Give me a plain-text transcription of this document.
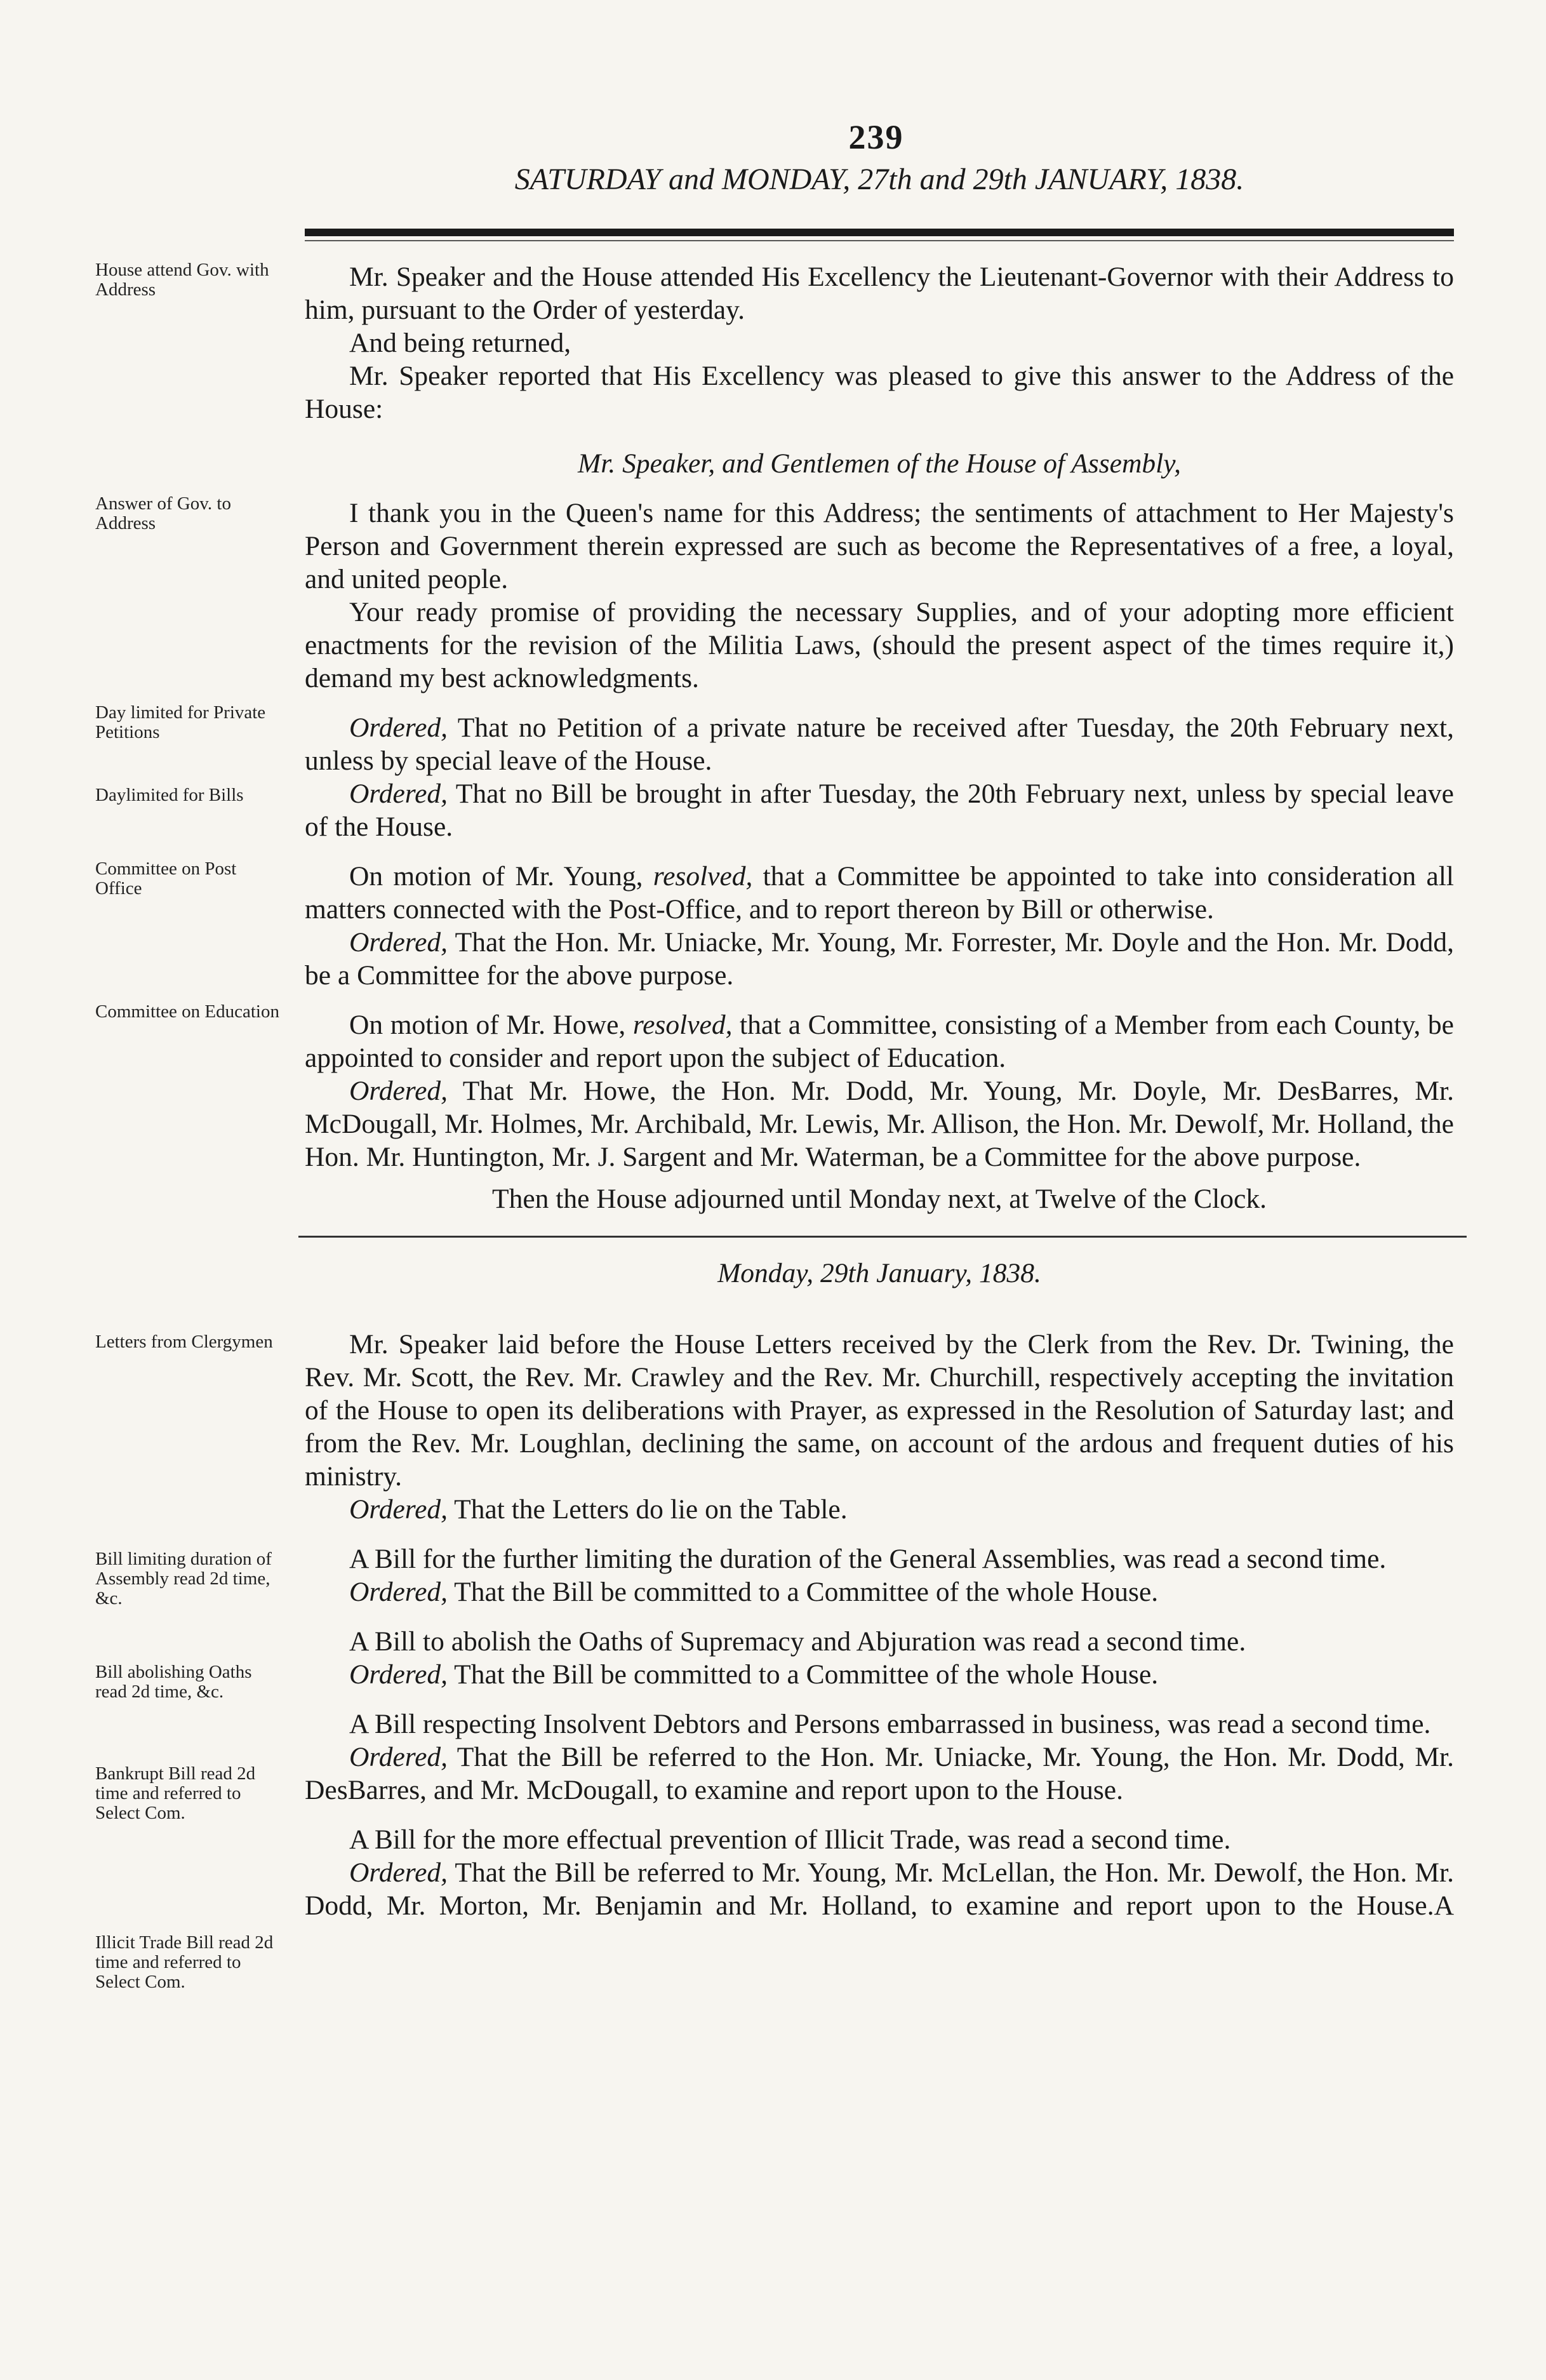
239
SATURDAY and MONDAY, 27th and 29th JANUARY, 1838.
House attend Gov. with Address
Answer of Gov. to Address
Day limited for Private Petitions
Daylimited for Bills
Committee on Post Office
Committee on Education
Letters from Clergymen
Bill limiting duration of Assembly read 2d time, &c.
Bill abolishing Oaths read 2d time, &c.
Bankrupt Bill read 2d time and referred to Select Com.
Illicit Trade Bill read 2d time and referred to Select Com.

Mr. Speaker and the House attended His Excellency the Lieutenant-Governor with their Address to him, pursuant to the Order of yesterday.

And being returned,

Mr. Speaker reported that His Excellency was pleased to give this answer to the Address of the House:

Mr. Speaker, and Gentlemen of the House of Assembly,

I thank you in the Queen's name for this Address; the sentiments of attachment to Her Majesty's Person and Government therein expressed are such as become the Representatives of a free, a loyal, and united people.

Your ready promise of providing the necessary Supplies, and of your adopting more efficient enactments for the revision of the Militia Laws, (should the present aspect of the times require it,) demand my best acknowledgments.

Ordered, That no Petition of a private nature be received after Tuesday, the 20th February next, unless by special leave of the House.

Ordered, That no Bill be brought in after Tuesday, the 20th February next, unless by special leave of the House.

On motion of Mr. Young, resolved, that a Committee be appointed to take into consideration all matters connected with the Post-Office, and to report thereon by Bill or otherwise.

Ordered, That the Hon. Mr. Uniacke, Mr. Young, Mr. Forrester, Mr. Doyle and the Hon. Mr. Dodd, be a Committee for the above purpose.

On motion of Mr. Howe, resolved, that a Committee, consisting of a Member from each County, be appointed to consider and report upon the subject of Education.

Ordered, That Mr. Howe, the Hon. Mr. Dodd, Mr. Young, Mr. Doyle, Mr. DesBarres, Mr. McDougall, Mr. Holmes, Mr. Archibald, Mr. Lewis, Mr. Allison, the Hon. Mr. Dewolf, Mr. Holland, the Hon. Mr. Huntington, Mr. J. Sargent and Mr. Waterman, be a Committee for the above purpose.

Then the House adjourned until Monday next, at Twelve of the Clock.

Monday, 29th January, 1838.

Mr. Speaker laid before the House Letters received by the Clerk from the Rev. Dr. Twining, the Rev. Mr. Scott, the Rev. Mr. Crawley and the Rev. Mr. Churchill, respectively accepting the invitation of the House to open its deliberations with Prayer, as expressed in the Resolution of Saturday last; and from the Rev. Mr. Loughlan, declining the same, on account of the ardous and frequent duties of his ministry.

Ordered, That the Letters do lie on the Table.

A Bill for the further limiting the duration of the General Assemblies, was read a second time.

Ordered, That the Bill be committed to a Committee of the whole House.

A Bill to abolish the Oaths of Supremacy and Abjuration was read a second time.

Ordered, That the Bill be committed to a Committee of the whole House.

A Bill respecting Insolvent Debtors and Persons embarrassed in business, was read a second time.

Ordered, That the Bill be referred to the Hon. Mr. Uniacke, Mr. Young, the Hon. Mr. Dodd, Mr. DesBarres, and Mr. McDougall, to examine and report upon to the House.

A Bill for the more effectual prevention of Illicit Trade, was read a second time.

Ordered, That the Bill be referred to Mr. Young, Mr. McLellan, the Hon. Mr. Dewolf, the Hon. Mr. Dodd, Mr. Morton, Mr. Benjamin and Mr. Holland, to examine and report upon to the House. A
